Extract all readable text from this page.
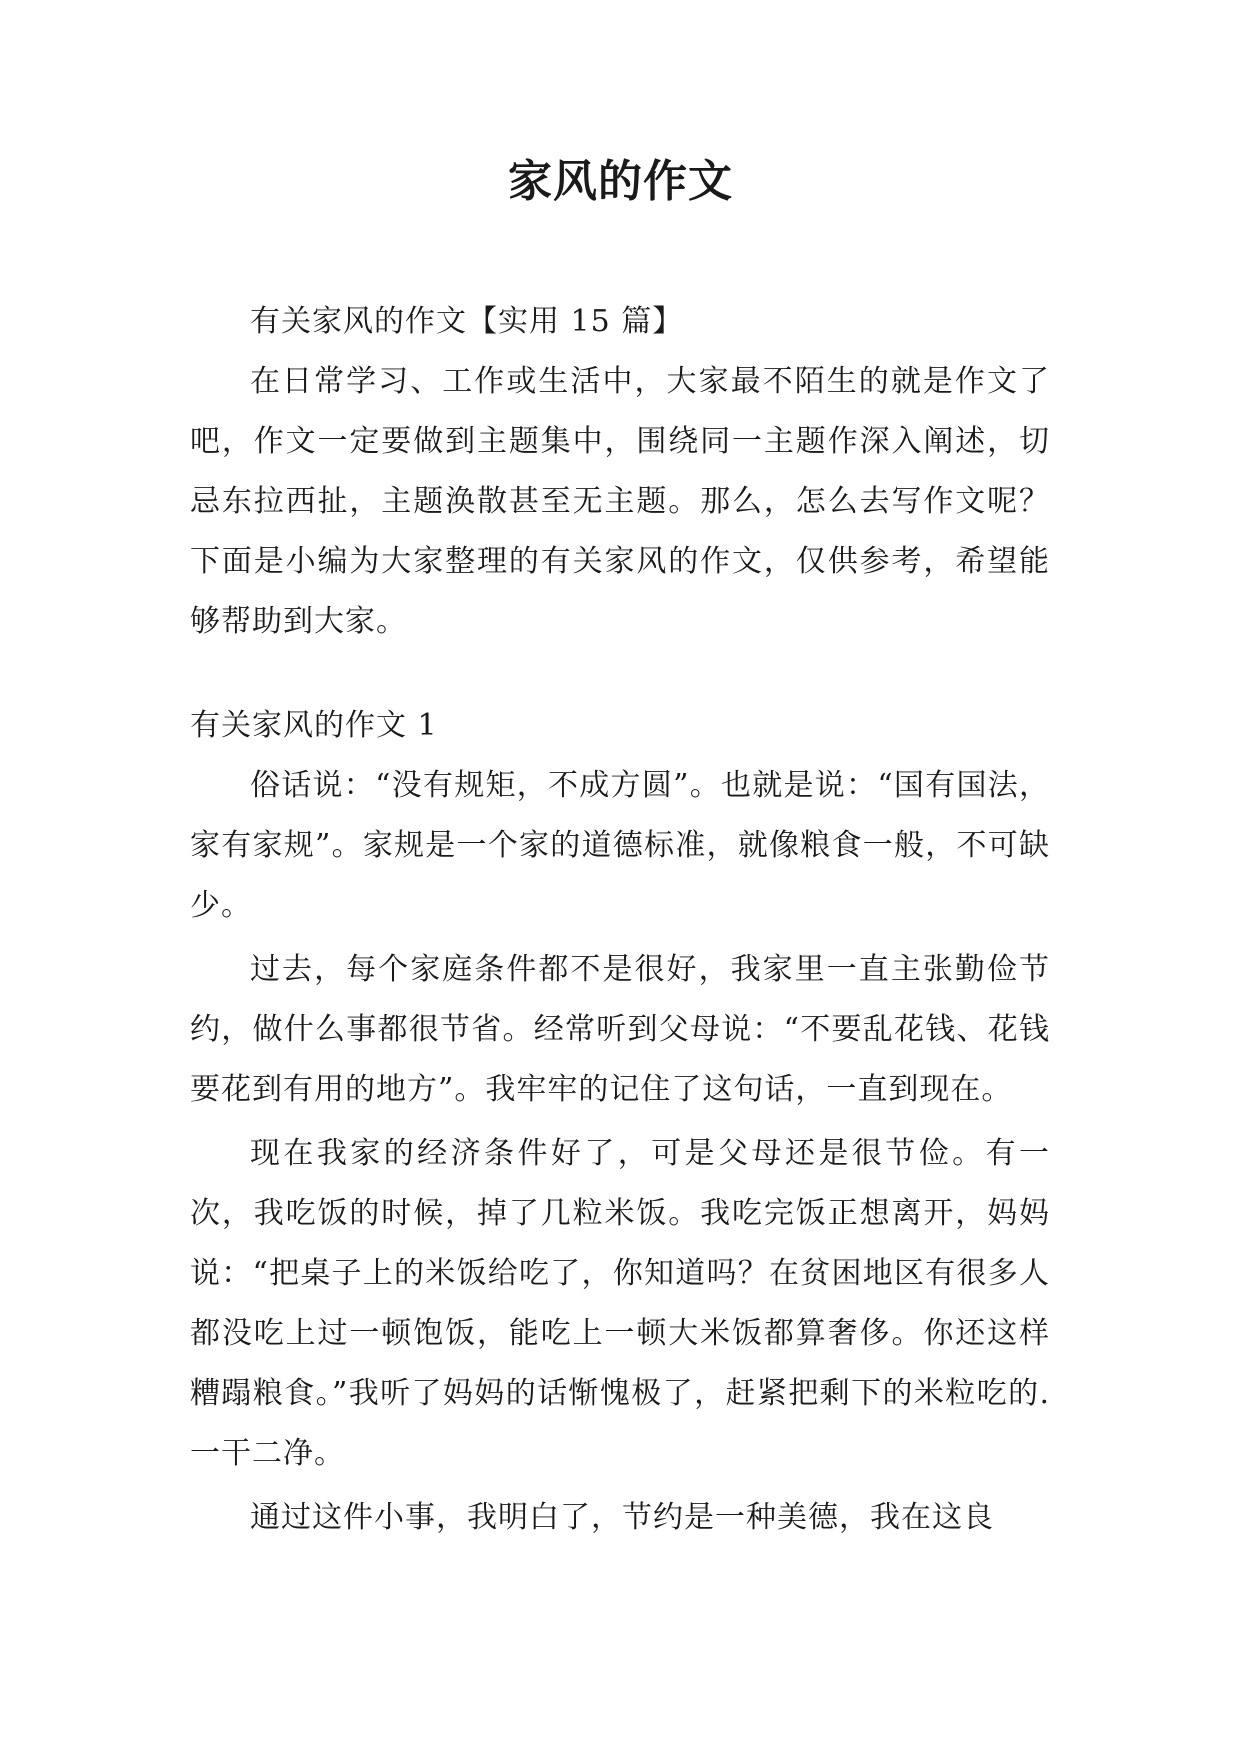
家风的作文

有关家风的作文【实用 15 篇】

在日常学习、工作或生活中，大家最不陌生的就是作文了吧，作文一定要做到主题集中，围绕同一主题作深入阐述，切忌东拉西扯，主题涣散甚至无主题。那么，怎么去写作文呢？下面是小编为大家整理的有关家风的作文，仅供参考，希望能够帮助到大家。

有关家风的作文 1

俗话说：“没有规矩，不成方圆”。也就是说：“国有国法，家有家规”。家规是一个家的道德标准，就像粮食一般，不可缺少。

过去，每个家庭条件都不是很好，我家里一直主张勤俭节约，做什么事都很节省。经常听到父母说：“不要乱花钱、花钱要花到有用的地方”。我牢牢的记住了这句话，一直到现在。

现在我家的经济条件好了，可是父母还是很节俭。有一次，我吃饭的时候，掉了几粒米饭。我吃完饭正想离开，妈妈说：“把桌子上的米饭给吃了，你知道吗？在贫困地区有很多人都没吃上过一顿饱饭，能吃上一顿大米饭都算奢侈。你还这样糟蹋粮食。”我听了妈妈的话惭愧极了，赶紧把剩下的米粒吃的.一干二净。

通过这件小事，我明白了，节约是一种美德，我在这良
